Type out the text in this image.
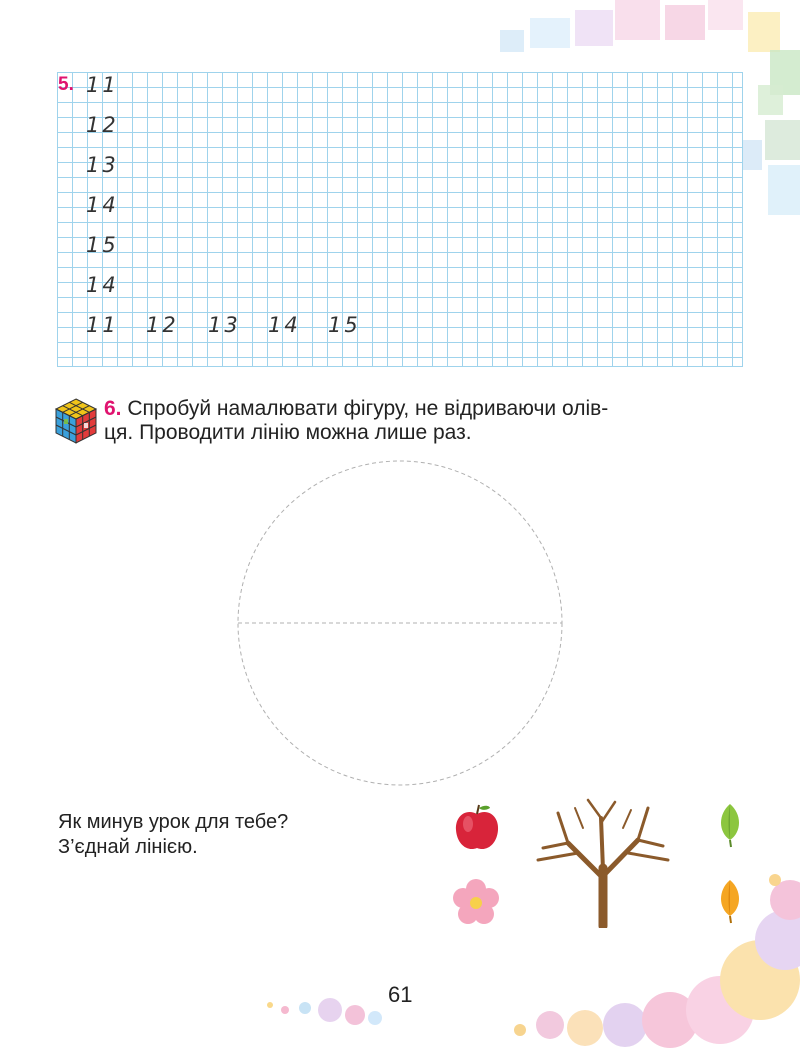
5. 11
12
13
14
15
14
11 12 13 14 15
6. Спробуй намалювати фігуру, не відриваючи олів-
ця. Проводити лінію можна лише раз.
Як минув урок для тебе?
З’єднай лінією.
61
